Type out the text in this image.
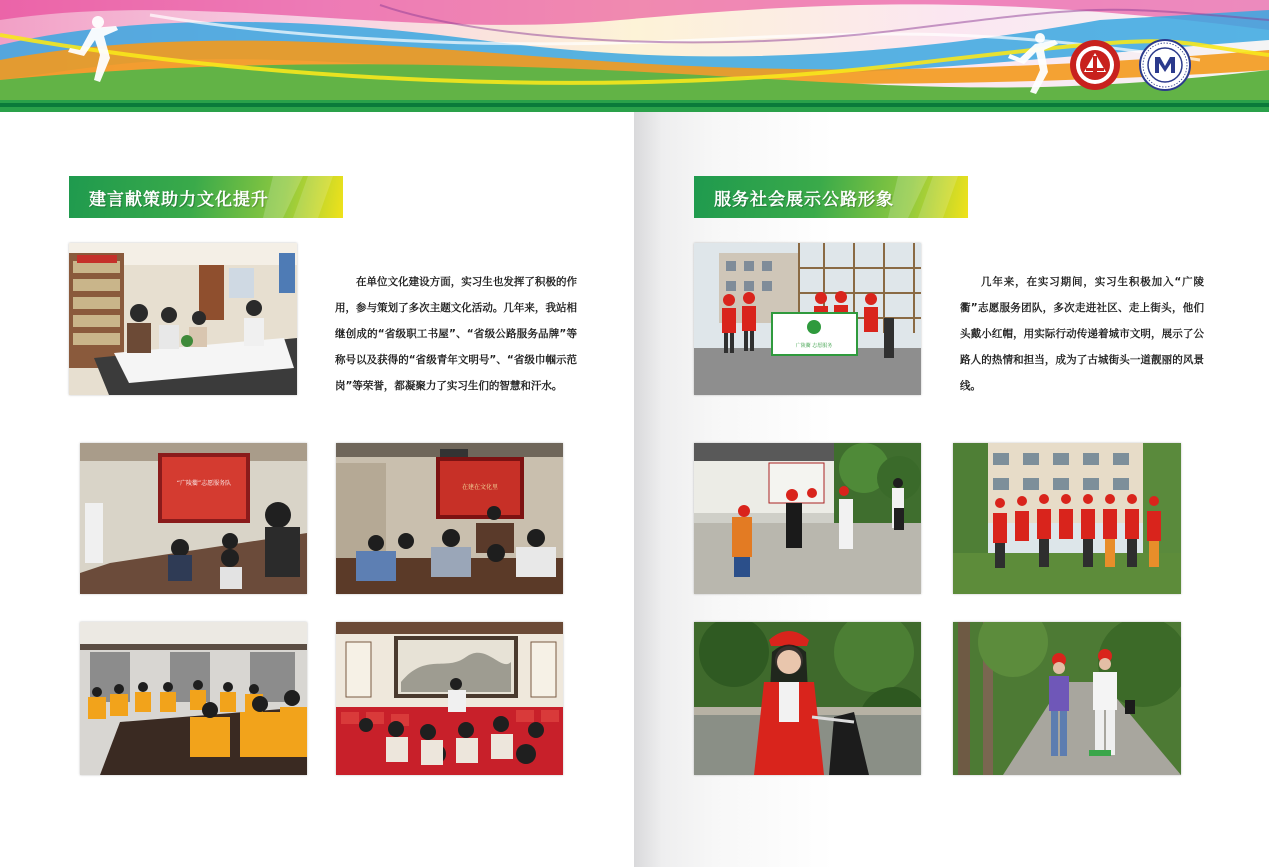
建言献策助力文化提升

在单位文化建设方面，实习生也发挥了积极的作用，参与策划了多次主题文化活动。几年来，我站相继创成的“省级职工书屋”、“省级公路服务品牌”等称号以及获得的“省级青年文明号”、“省级巾帼示范岗”等荣誉，都凝聚力了实习生们的智慧和汗水。

“广陵衢”志愿服务队
在建在文化里
服务社会展示公路形象

几年来，在实习期间，实习生积极加入“广陵衢”志愿服务团队，多次走进社区、走上街头，他们头戴小红帽，用实际行动传递着城市文明，展示了公路人的热情和担当，成为了古城街头一道靓丽的风景线。

广陵衢 志愿服务
